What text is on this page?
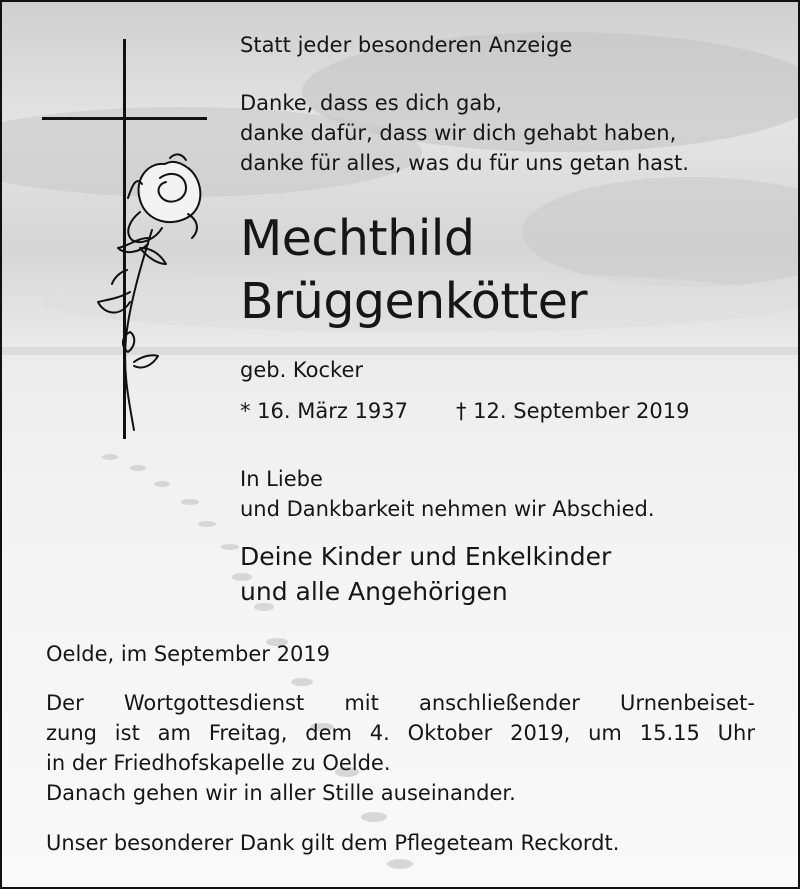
Statt jeder besonderen Anzeige
Danke, dass es dich gab,
danke dafür, dass wir dich gehabt haben,
danke für alles, was du für uns getan hast.
Mechthild
Brüggenkötter
geb. Kocker
* 16. März 1937 † 12. September 2019
In Liebe
und Dankbarkeit nehmen wir Abschied.
Deine Kinder und Enkelkinder
und alle Angehörigen
Oelde, im September 2019
Der Wortgottesdienst mit anschließender Urnenbeiset-
zung ist am Freitag, dem 4. Oktober 2019, um 15.15 Uhr
in der Friedhofskapelle zu Oelde.
Danach gehen wir in aller Stille auseinander.
Unser besonderer Dank gilt dem Pflegeteam Reckordt.
